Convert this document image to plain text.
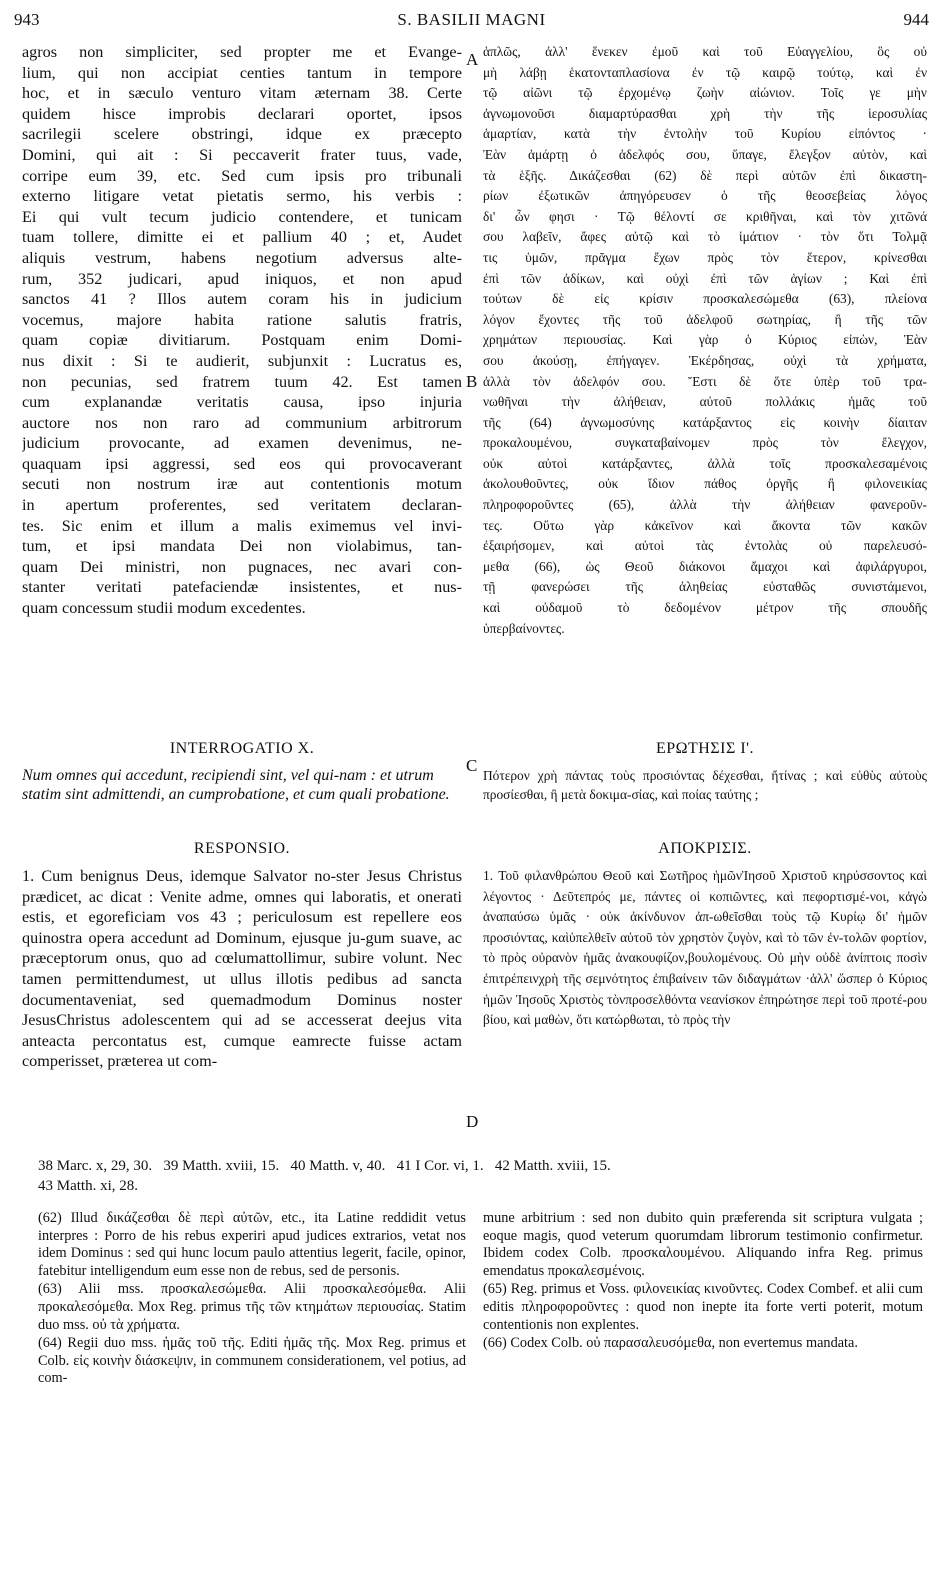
943	S. BASILII MAGNI	944
A
B
C
D
agros non simpliciter, sed propter me et Evange-
lium, qui non accipiat centies tantum in tempore
hoc, et in sæculo venturo vitam æternam 38. Certe
quidem hisce improbis declarari oportet, ipsos
sacrilegii scelere obstringi, idque ex præcepto
Domini, qui ait : Si peccaverit frater tuus, vade,
corripe eum 39, etc. Sed cum ipsis pro tribunali
externo litigare vetat pietatis sermo, his verbis :
Ei qui vult tecum judicio contendere, et tunicam
tuam tollere, dimitte ei et pallium 40 ; et, Audet
aliquis vestrum, habens negotium adversus alte-
rum, 352 judicari, apud iniquos, et non apud
sanctos 41 ? Illos autem coram his in judicium
vocemus, majore habita ratione salutis fratris,
quam copiæ divitiarum. Postquam enim Domi-
nus dixit : Si te audierit, subjunxit : Lucratus es,
non pecunias, sed fratrem tuum 42. Est tamen
cum explanandæ veritatis causa, ipso injuria
auctore nos non raro ad communium arbitrorum
judicium provocante, ad examen devenimus, ne-
quaquam ipsi aggressi, sed eos qui provocaverant
secuti non nostrum iræ aut contentionis motum
in apertum proferentes, sed veritatem declaran-
tes. Sic enim et illum a malis eximemus vel invi-
tum, et ipsi mandata Dei non violabimus, tan-
quam Dei ministri, non pugnaces, nec avari con-
stanter veritati patefaciendæ insistentes, et nus-
quam concessum studii modum excedentes.
ἁπλῶς, ἀλλ' ἕνεκεν ἐμοῦ καὶ τοῦ Εὐαγγελίου, ὃς οὐ
μὴ λάβῃ ἑκατονταπλασίονα ἐν τῷ καιρῷ τούτῳ, καὶ ἐν
τῷ αἰῶνι τῷ ἐρχομένῳ ζωὴν αἰώνιον. Τοῖς γε μὴν
ἀγνωμονοῦσι διαμαρτύρασθαι χρὴ τὴν τῆς ἱεροσυλίας
ἁμαρτίαν, κατὰ τὴν ἐντολὴν τοῦ Κυρίου εἰπόντος ·
Ἐὰν ἁμάρτῃ ὁ ἀδελφός σου, ὕπαγε, ἔλεγξον αὐτὸν, καὶ
τὰ ἑξῆς. Δικάζεσθαι (62) δὲ περὶ αὐτῶν ἐπὶ δικαστη-
ρίων ἐξωτικῶν ἀπηγόρευσεν ὁ τῆς θεοσεβείας λόγος
δι' ὧν φησι · Τῷ θέλοντί σε κριθῆναι, καὶ τὸν χιτῶνά
σου λαβεῖν, ἄφες αὐτῷ καὶ τὸ ἱμάτιον · τὸν ὅτι Τολμᾷ
τις ὑμῶν, πρᾶγμα ἔχων πρὸς τὸν ἕτερον, κρίνεσθαι
ἐπὶ τῶν ἀδίκων, καὶ οὐχὶ ἐπὶ τῶν ἁγίων ; Καὶ ἐπὶ
τούτων δὲ εἰς κρίσιν προσκαλεσώμεθα (63), πλείονα
λόγον ἔχοντες τῆς τοῦ ἀδελφοῦ σωτηρίας, ἢ τῆς τῶν
χρημάτων περιουσίας. Καὶ γὰρ ὁ Κύριος εἰπὼν, Ἐὰν
σου ἀκούσῃ, ἐπήγαγεν. Ἐκέρδησας, οὐχὶ τὰ χρήματα,
ἀλλὰ τὸν ἀδελφόν σου. Ἔστι δὲ ὅτε ὑπὲρ τοῦ τρα-
νωθῆναι τὴν ἀλήθειαν, αὐτοῦ πολλάκις ἡμᾶς τοῦ
τῆς (64) ἀγνωμοσύνης κατάρξαντος εἰς κοινὴν δίαιταν
προκαλουμένου, συγκαταβαίνομεν πρὸς τὸν ἔλεγχον,
οὐκ αὐτοὶ κατάρξαντες, ἀλλὰ τοῖς προσκαλεσαμένοις
ἀκολουθοῦντες, οὐκ ἴδιον πάθος ὀργῆς ἢ φιλονεικίας
πληροφοροῦντες (65), ἀλλὰ τὴν ἀλήθειαν φανεροῦν-
τες. Οὕτω γὰρ κἀκεῖνον καὶ ἄκοντα τῶν κακῶν
ἐξαιρήσομεν, καὶ αὐτοὶ τὰς ἐντολὰς οὐ παρελευσό-
μεθα (66), ὡς Θεοῦ διάκονοι ἄμαχοι καὶ ἀφιλάργυροι,
τῇ φανερώσει τῆς ἀληθείας εὐσταθῶς συνιστάμενοι,
καὶ οὐδαμοῦ τὸ δεδομένον μέτρον τῆς σπουδῆς
ὑπερβαίνοντες.
INTERROGATIO X.	ΕΡΩΤΗΣΙΣ Ι'.
Num omnes qui accedunt, recipiendi sint, vel qui-nam : et utrum statim sint admittendi, an cumprobatione, et cum quali probatione.
Πότερον χρὴ πάντας τοὺς προσιόντας δέχεσθαι, ἤτίνας ; καὶ εὐθὺς αὐτοὺς προσίεσθαι, ἢ μετὰ δοκιμα-σίας, καὶ ποίας ταύτης ;
RESPONSIO.	ΑΠΟΚΡΙΣΙΣ.
1. Cum benignus Deus, idemque Salvator no-ster Jesus Christus prædicet, ac dicat : Venite adme, omnes qui laboratis, et onerati estis, et egoreficiam vos 43 ; periculosum est repellere eos quinostra opera accedunt ad Dominum, ejusque ju-gum suave, ac præceptorum onus, quo ad cœlumattollimur, subire volunt. Nec tamen permittendumest, ut ullus illotis pedibus ad sancta documentaveniat, sed quemadmodum Dominus noster JesusChristus adolescentem qui ad se accesserat deejus vita anteacta percontatus est, cumque eamrecte fuisse actam comperisset, præterea ut com-
1. Τοῦ φιλανθρώπου Θεοῦ καὶ Σωτῆρος ἡμῶνἸησοῦ Χριστοῦ κηρύσσοντος καὶ λέγοντος · Δεῦτεπρός με, πάντες οἱ κοπιῶντες, καὶ πεφορτισμέ-νοι, κἀγὼ ἀναπαύσω ὑμᾶς · οὐκ ἀκίνδυνον ἀπ-ωθεῖσθαι τοὺς τῷ Κυρίῳ δι' ἡμῶν προσιόντας, καὶὑπελθεῖν αὐτοῦ τὸν χρηστὸν ζυγὸν, καὶ τὸ τῶν ἐν-τολῶν φορτίον, τὸ πρὸς οὐρανὸν ἡμᾶς ἀνακουφίζον,βουλομένους. Οὐ μὴν οὐδὲ ἀνίπτοις ποσὶν ἐπιτρέπεινχρὴ τῆς σεμνότητος ἐπιβαίνειν τῶν διδαγμάτων ·ἀλλ' ὥσπερ ὁ Κύριος ἡμῶν Ἰησοῦς Χριστὸς τὸνπροσελθόντα νεανίσκον ἐπηρώτησε περὶ τοῦ προτέ-ρου βίου, καὶ μαθὼν, ὅτι κατώρθωται, τὸ πρὸς τὴν
38 Marc. x, 29, 30.   39 Matth. xviii, 15.   40 Matth. v, 40.   41 I Cor. vi, 1.   42 Matth. xviii, 15.
43 Matth. xi, 28.

(62) Illud δικάζεσθαι δὲ περὶ αὐτῶν, etc., ita Latine reddidit vetus interpres : Porro de his rebus experiri apud judices extrarios, vetat nos idem Dominus : sed qui hunc locum paulo attentius legerit, facile, opinor, fatebitur intelligendum eum esse non de rebus, sed de personis.

(63) Alii mss. προσκαλεσώμεθα. Alii προσκαλεσόμεθα. Alii προκαλεσόμεθα. Mox Reg. primus τῆς τῶν κτημάτων περιουσίας. Statim duo mss. οὐ τὰ χρήματα.

(64) Regii duo mss. ἡμᾶς τοῦ τῆς. Editi ἡμᾶς τῆς. Mox Reg. primus et Colb. εἰς κοινὴν διάσκεψιν, in communem considerationem, vel potius, ad com-

mune arbitrium : sed non dubito quin præferenda sit scriptura vulgata ; eoque magis, quod veterum quorumdam librorum testimonio confirmetur. Ibidem codex Colb. προσκαλουμένου. Aliquando infra Reg. primus emendatus προκαλεσμένοις.

(65) Reg. primus et Voss. φιλονεικίας κινοῦντες. Codex Combef. et alii cum editis πληροφοροῦντες : quod non inepte ita forte verti poterit, motum contentionis non explentes.

(66) Codex Colb. οὐ παρασαλευσόμεθα, non evertemus mandata.
